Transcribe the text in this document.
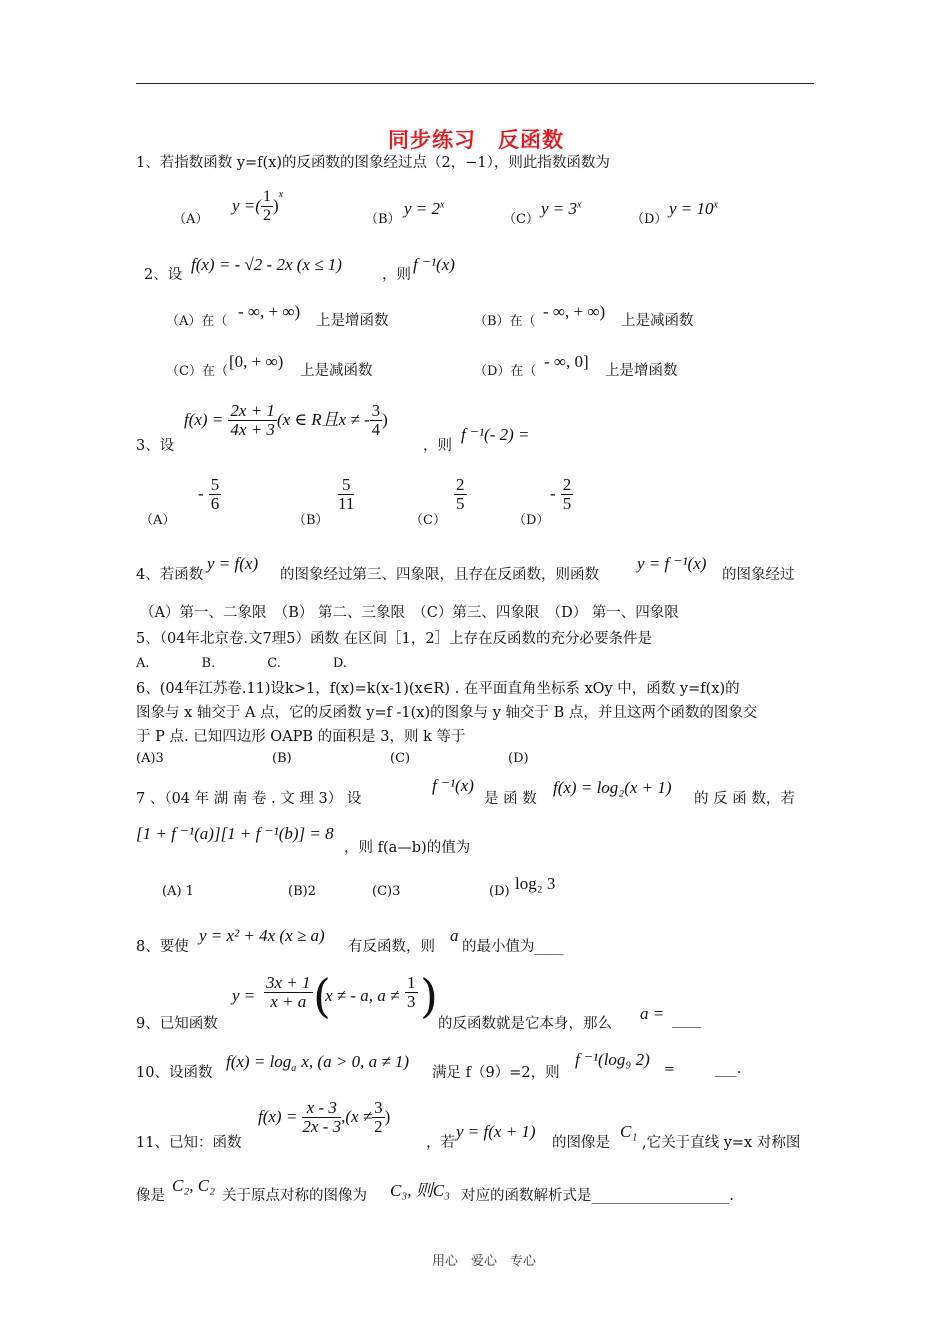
同步练习　反函数
1、若指数函数 y=f(x)的反函数的图象经过点（2，−1），则此指数函数为
（A）
y =( $\frac{1}{2} )^x$
（B）
$y = 2^x$
（C）
$y = 3^x$
（D）
$y = 10^x$
2、设
f(x) = - √2 - 2x (x ≤ 1)
，则
f ⁻¹(x)
（A）在（
- ∞, + ∞) 上是增函数	（B）在（
- ∞, + ∞) 上是减函数
（C）在（
[0, + ∞) 上是减函数	（D）在（
- ∞, 0] 上是增函数
3、设
$f(x) = \frac{2x + 1}{4x + 3} (x$ ∈ R且x ≠ - $\frac{3}{4}$ )
，则
f ⁻¹(- 2) =
（A）
- $\frac{5}{6}$
（B）
$\frac{5}{11}$
（C）
$\frac{2}{5}$
（D）
- $\frac{2}{5}$
4、若函数
y = f(x)
的图象经过第三、四象限，且存在反函数，则函数
y = f ⁻¹(x)
的图象经过
（A）第一、二象限　（B） 第二、三象限　（C）第三、四象限　（D） 第一、四象限
5、（04年北京卷.文7理5）函数 在区间［1，2］上存在反函数的充分必要条件是
A.　　　　B.　　　　C.　　　　D.
6、(04年江苏卷.11)设k>1，f(x)=k(x-1)(x∈R) . 在平面直角坐标系 xOy 中，函数 y=f(x)的
图象与 x 轴交于 A 点，它的反函数 y=f -1(x)的图象与 y 轴交于 B 点，并且这两个函数的图象交
于 P 点. 已知四边形 OAPB 的面积是 3，则 k 等于
(A)3	(B)	(C)	(D)
7 、（04 年 湖 南 卷 . 文 理 3） 设
f ⁻¹(x)
是 函 数
f(x) = log₂(x + 1)
的 反 函 数，若
[1 + f ⁻¹(a)][1 + f ⁻¹(b)] = 8
，则 f(a—b)的值为
(A) 1	(B)2	(C)3	(D) log₂ 3
8、要使
y = x² + 4x (x ≥ a)
有反函数，则
a
的最小值为____
9、已知函数
$y = \frac{3x + 1}{x + a}$ (
x ≠ - a, $a \ne \frac{1}{3}$ )
的反函数就是它本身，那么
a = ____
10、设函数
$f(x) = \log_a x$, (a > 0, a ≠ 1)
满足 f（9）=2，则
f ⁻¹(log₉ 2)
=	___.
11、已知：函数
$f(x) = \frac{x - 3}{2x - 3} ,(x \ne \frac{3}{2}$ )
，若
y = f(x + 1)
的图像是
C₁
,它关于直线 y=x 对称图
像是
C₂, C₂
关于原点对称的图像为 C₃, 则C₃ 对应的函数解析式是___________________.
用心　爱心　专心
